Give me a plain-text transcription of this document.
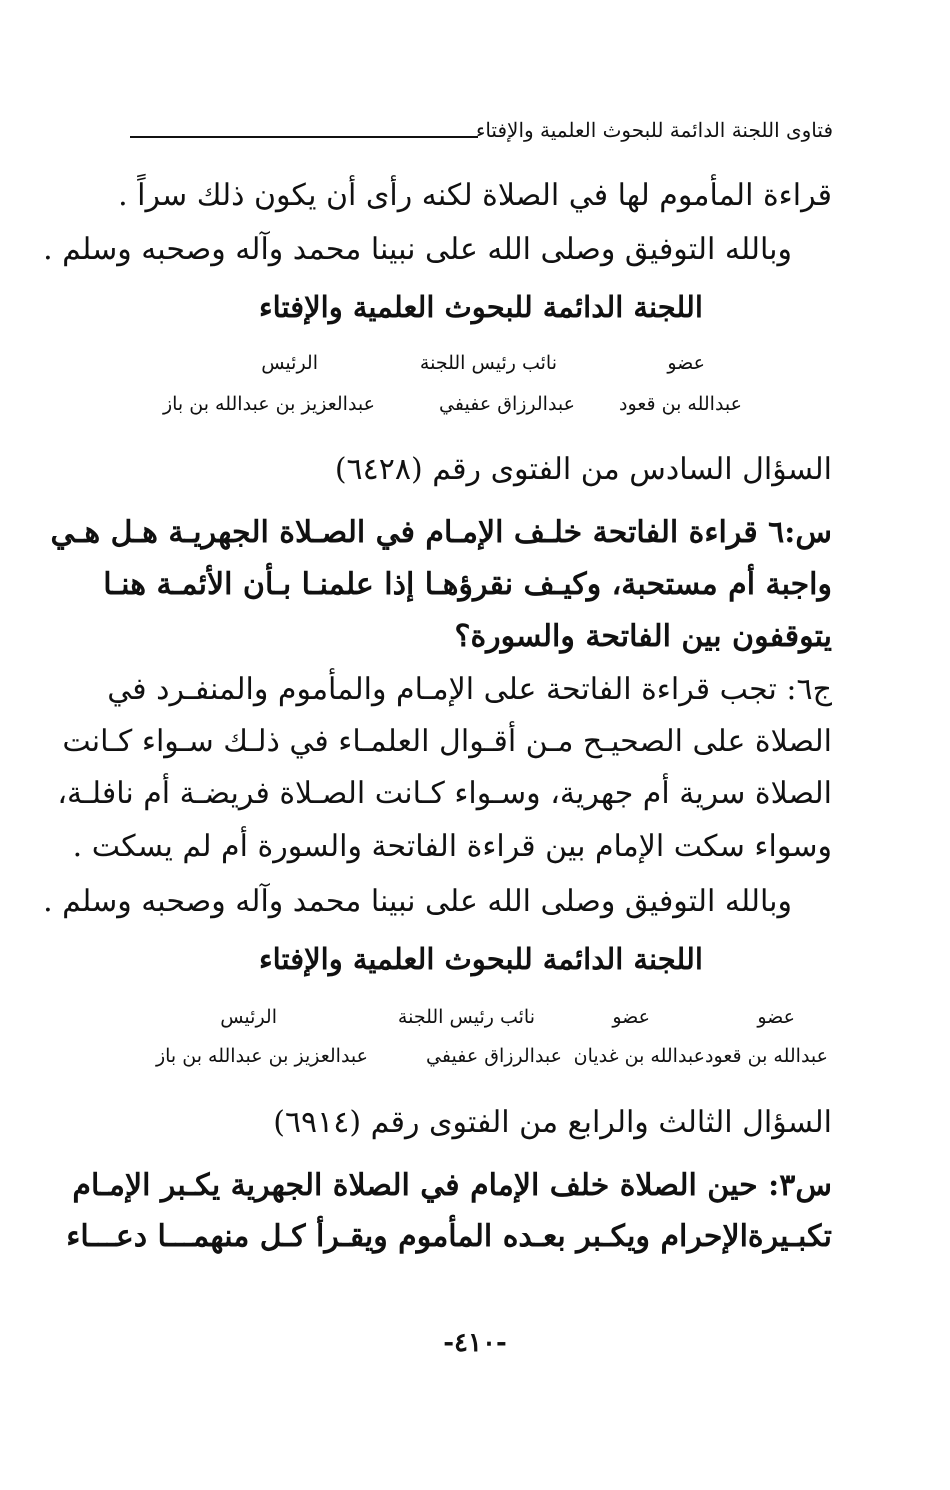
فتاوى اللجنة الدائمة للبحوث العلمية والإفتاء
قراءة المأموم لها في الصلاة لكنه رأى أن يكون ذلك سراً .
وبالله التوفيق وصلى الله على نبينا محمد وآله وصحبه وسلم .
اللجنة الدائمة للبحوث العلمية والإفتاء
عضو
نائب رئيس اللجنة
الرئيس
عبدالله بن قعود
عبدالرزاق عفيفي
عبدالعزيز بن عبدالله بن باز
السؤال السادس من الفتوى رقم (٦٤٢٨)
س:٦ قراءة الفاتحة خلـف الإمـام في الصـلاة الجهريـة هـل هـي
واجبة أم مستحبة، وكيـف نقرؤهـا إذا علمنـا بـأن الأئمـة هنـا
يتوقفون بين الفاتحة والسورة؟
ج٦: تجب قراءة الفاتحة على الإمـام والمأموم والمنفـرد في
الصلاة على الصحيـح مـن أقـوال العلمـاء في ذلـك سـواء كـانت
الصلاة سرية أم جهرية، وسـواء كـانت الصـلاة فريضـة أم نافلـة،
وسواء سكت الإمام بين قراءة الفاتحة والسورة أم لم يسكت .
وبالله التوفيق وصلى الله على نبينا محمد وآله وصحبه وسلم .
اللجنة الدائمة للبحوث العلمية والإفتاء
عضو
عضو
نائب رئيس اللجنة
الرئيس
عبدالله بن قعود
عبدالله بن غديان
عبدالرزاق عفيفي
عبدالعزيز بن عبدالله بن باز
السؤال الثالث والرابع من الفتوى رقم (٦٩١٤)
س٣: حين الصلاة خلف الإمام في الصلاة الجهرية يكـبر الإمـام
تكبـيرةالإحرام ويكـبر بعـده المأموم ويقـرأ كـل منهمـــا دعـــاء
-٤١٠-
